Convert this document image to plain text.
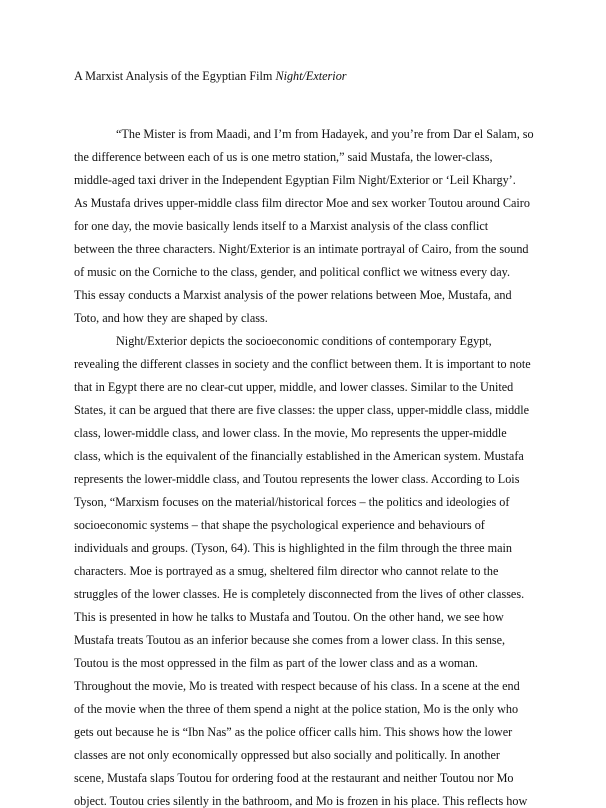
A Marxist Analysis of the Egyptian Film Night/Exterior
“The Mister is from Maadi, and I’m from Hadayek, and you’re from Dar el Salam, so
the difference between each of us is one metro station,” said Mustafa, the lower-class,
middle-aged taxi driver in the Independent Egyptian Film Night/Exterior or ‘Leil Khargy’.
As Mustafa drives upper-middle class film director Moe and sex worker Toutou around Cairo
for one day, the movie basically lends itself to a Marxist analysis of the class conflict
between the three characters. Night/Exterior is an intimate portrayal of Cairo, from the sound
of music on the Corniche to the class, gender, and political conflict we witness every day.
This essay conducts a Marxist analysis of the power relations between Moe, Mustafa, and
Toto, and how they are shaped by class.
Night/Exterior depicts the socioeconomic conditions of contemporary Egypt,
revealing the different classes in society and the conflict between them. It is important to note
that in Egypt there are no clear-cut upper, middle, and lower classes. Similar to the United
States, it can be argued that there are five classes: the upper class, upper-middle class, middle
class, lower-middle class, and lower class. In the movie, Mo represents the upper-middle
class, which is the equivalent of the financially established in the American system. Mustafa
represents the lower-middle class, and Toutou represents the lower class. According to Lois
Tyson, “Marxism focuses on the material/historical forces – the politics and ideologies of
socioeconomic systems – that shape the psychological experience and behaviours of
individuals and groups. (Tyson, 64). This is highlighted in the film through the three main
characters. Moe is portrayed as a smug, sheltered film director who cannot relate to the
struggles of the lower classes. He is completely disconnected from the lives of other classes.
This is presented in how he talks to Mustafa and Toutou. On the other hand, we see how
Mustafa treats Toutou as an inferior because she comes from a lower class. In this sense,
Toutou is the most oppressed in the film as part of the lower class and as a woman.
Throughout the movie, Mo is treated with respect because of his class. In a scene at the end
of the movie when the three of them spend a night at the police station, Mo is the only who
gets out because he is “Ibn Nas” as the police officer calls him. This shows how the lower
classes are not only economically oppressed but also socially and politically. In another
scene, Mustafa slaps Toutou for ordering food at the restaurant and neither Toutou nor Mo
object. Toutou cries silently in the bathroom, and Mo is frozen in his place. This reflects how
